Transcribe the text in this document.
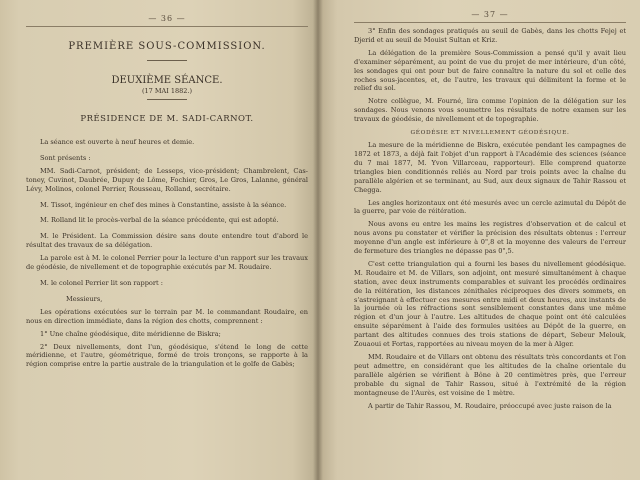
— 36 —
PREMIÈRE SOUS-COMMISSION.
DEUXIÈME SÉANCE.
(17 MAI 1882.)
PRÉSIDENCE DE M. SADI-CARNOT.

La séance est ouverte à neuf heures et demie.

Sont présents :

MM. Sadi-Carnot, président; de Lesseps, vice-président; Chambrelent, Cas- toney, Cuvinot, Daubrée, Dupuy de Lôme, Fochier, Gros, Le Gros, Lalanne, général Lévy, Molinos, colonel Perrier, Rousseau, Rolland, secrétaire.

M. Tissot, ingénieur en chef des mines à Constantine, assiste à la séance.

M. Rolland lit le procès-verbal de la séance précédente, qui est adopté.

M. le Président. La Commission désire sans doute entendre tout d'abord le résultat des travaux de sa délégation.

La parole est à M. le colonel Perrier pour la lecture d'un rapport sur les travaux de géodésie, de nivellement et de topographie exécutés par M. Roudaire.

M. le colonel Perrier lit son rapport :

Messieurs,

Les opérations exécutées sur le terrain par M. le commandant Roudaire, en nous en direction immédiate, dans la région des chotts, comprennent :

1° Une chaîne géodésique, dite méridienne de Biskra;

2° Deux nivellements, dont l'un, géodésique, s'étend le long de cette méridienne, et l'autre, géométrique, formé de trois tronçons, se rapporte à la région comprise entre la partie australe de la triangulation et le golfe de Gabès;

— 37 —

3° Enfin des sondages pratiqués au seuil de Gabès, dans les chotts Fejej et Djerid et au seuil de Mouist Sultan et Kriz.

La délégation de la première Sous-Commission a pensé qu'il y avait lieu d'examiner séparément, au point de vue du projet de mer intérieure, d'un côté, les sondages qui ont pour but de faire connaître la nature du sol et celle des roches sous-jacentes, et, de l'autre, les travaux qui délimitent la forme et le relief du sol.

Notre collègue, M. Fourné, lira comme l'opinion de la délégation sur les sondages. Nous venons vous soumettre les résultats de notre examen sur les travaux de géodésie, de nivellement et de topographie.

GÉODÉSIE ET NIVELLEMENT GÉODÉSIQUE.

La mesure de la méridienne de Biskra, exécutée pendant les campagnes de 1872 et 1873, a déjà fait l'objet d'un rapport à l'Académie des sciences (séance du 7 mai 1877, M. Yvon Villarceau, rapporteur). Elle comprend quatorze triangles bien conditionnés reliés au Nord par trois points avec la chaîne du parallèle algérien et se terminant, au Sud, aux deux signaux de Tahir Rassou et Chegga.

Les angles horizontaux ont été mesurés avec un cercle azimutal du Dépôt de la guerre, par voie de réitération.

Nous avons eu entre les mains les registres d'observation et de calcul et nous avons pu constater et vérifier la précision des résultats obtenus : l'erreur moyenne d'un angle est inférieure à 0",8 et la moyenne des valeurs de l'erreur de fermeture des triangles ne dépasse pas 0",5.

C'est cette triangulation qui a fourni les bases du nivellement géodésique. M. Roudaire et M. de Villars, son adjoint, ont mesuré simultanément à chaque station, avec deux instruments comparables et suivant les procédés ordinaires de la réitération, les distances zénithales réciproques des divers sommets, en s'astreignant à effectuer ces mesures entre midi et deux heures, aux instants de la journée où les réfractions sont sensiblement constantes dans une même région et d'un jour à l'autre. Les altitudes de chaque point ont été calculées ensuite séparément à l'aide des formules usitées au Dépôt de la guerre, en partant des altitudes connues des trois stations de départ, Sebeur Melouk, Zouaoui et Fortas, rapportées au niveau moyen de la mer à Alger.

MM. Roudaire et de Villars ont obtenu des résultats très concordants et l'on peut admettre, en considérant que les altitudes de la chaîne orientale du parallèle algérien se vérifient à Bône à 20 centimètres près, que l'erreur probable du signal de Tahir Rassou, situé à l'extrémité de la région montagneuse de l'Aurès, est voisine de 1 mètre.

A partir de Tahir Rassou, M. Roudaire, préoccupé avec juste raison de la
